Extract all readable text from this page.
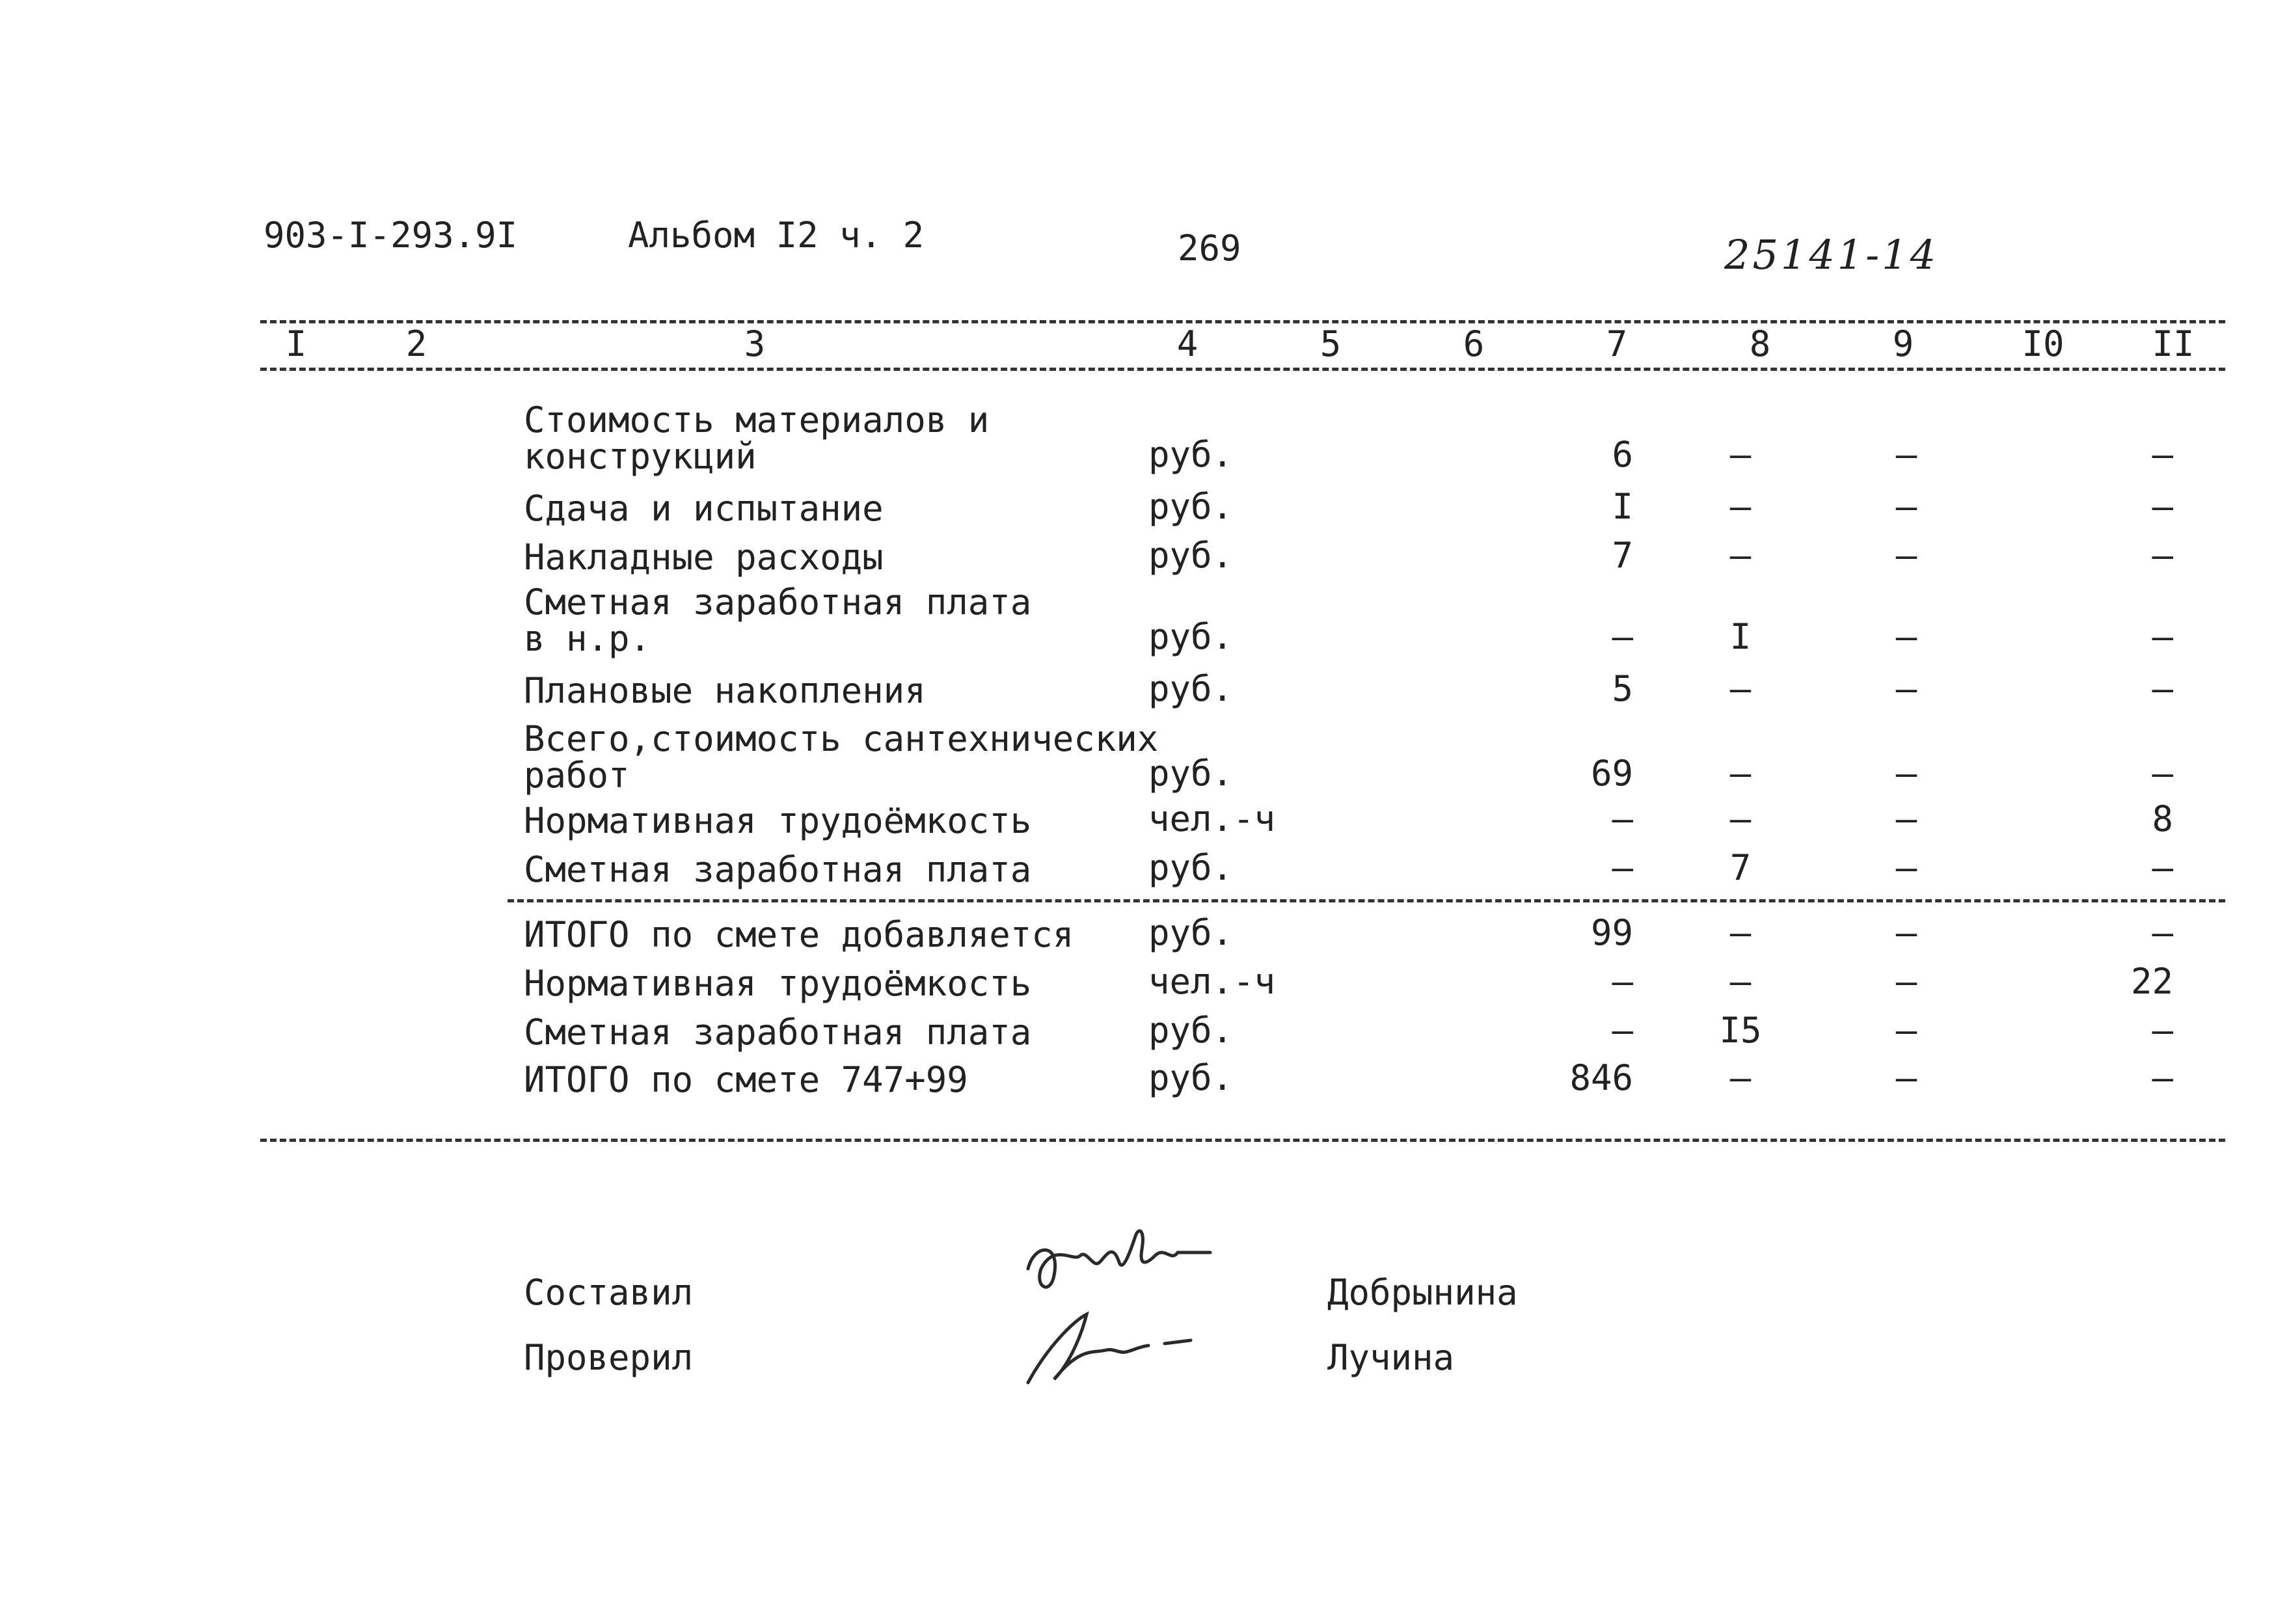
903-I-293.9I	Альбом I2 ч. 2	269	25141-14
I	2	3	4	5	6	7	8	9	I0	II
Стоимость материалов и
конструкций	руб.	6	–	–	–
Сдача и испытание	руб.	I	–	–	–
Накладные расходы	руб.	7	–	–	–
Сметная заработная плата
в н.р.	руб.	–	I	–	–
Плановые накопления	руб.	5	–	–	–
Всего,стоимость сантехнических
работ	руб.	69	–	–	–
Нормативная трудоёмкость	чел.-ч	–	–	–	8
Сметная заработная плата	руб.	–	7	–	–
ИТОГО по смете добавляется руб.	99	–	–	–
Нормативная трудоёмкость	чел.-ч	–	–	–	22
Сметная заработная плата	руб.	–	I5	–	–
ИТОГО по смете 747+99	руб.	846	–	–	–
Составил	Добрынина
Проверил	Лучина
